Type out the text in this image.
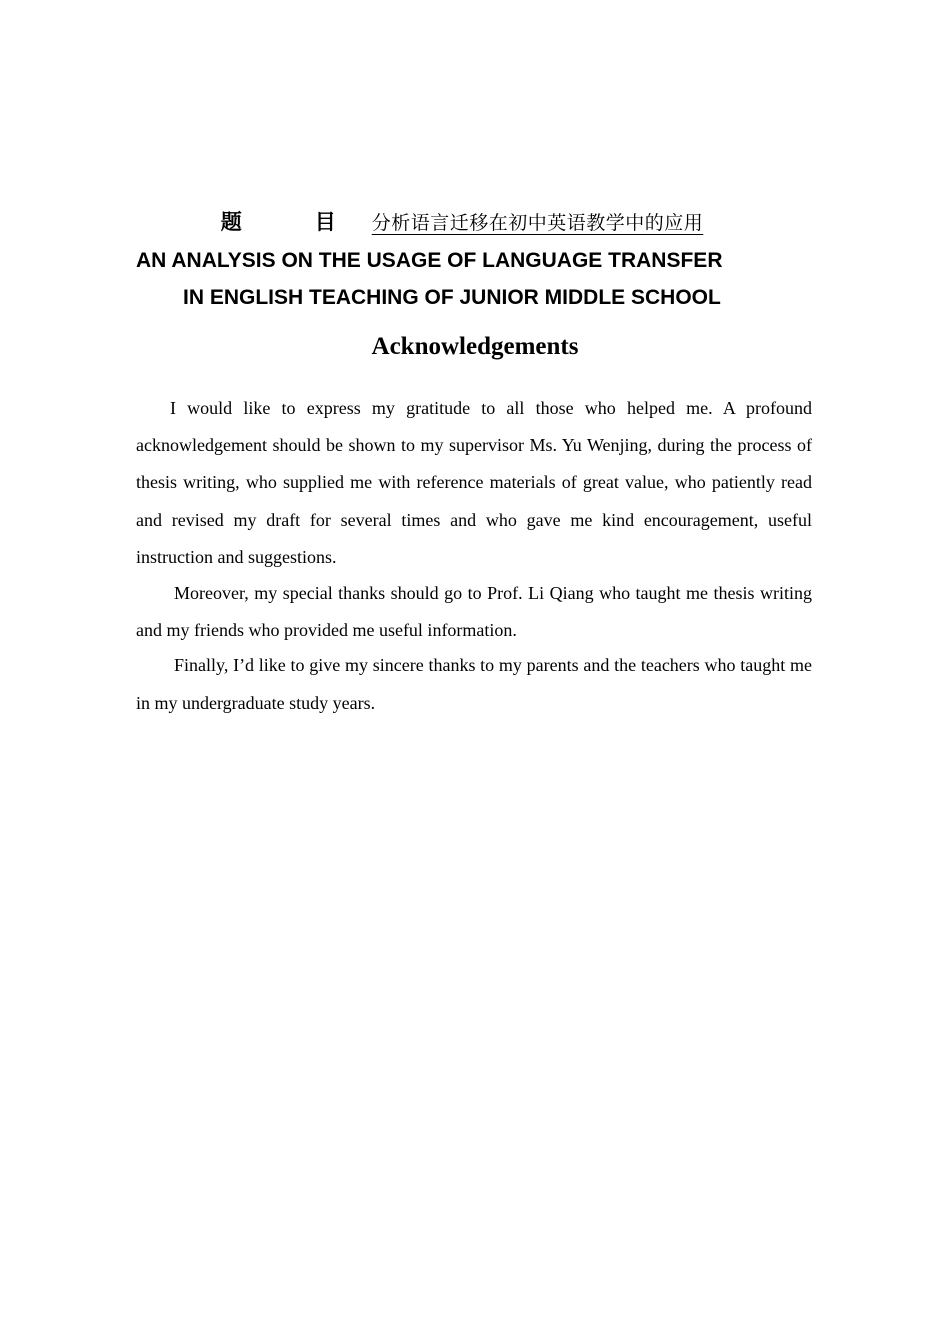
题　目 分析语言迁移在初中英语教学中的应用
AN ANALYSIS ON THE USAGE OF LANGUAGE TRANSFER
IN ENGLISH TEACHING OF JUNIOR MIDDLE SCHOOL
Acknowledgements

I would like to express my gratitude to all those who helped me. A profound acknowledgement should be shown to my supervisor Ms. Yu Wenjing, during the process of thesis writing, who supplied me with reference materials of great value, who patiently read and revised my draft for several times and who gave me kind encouragement, useful instruction and suggestions.

Moreover, my special thanks should go to Prof. Li Qiang who taught me thesis writing and my friends who provided me useful information.

Finally, I’d like to give my sincere thanks to my parents and the teachers who taught me in my undergraduate study years.
